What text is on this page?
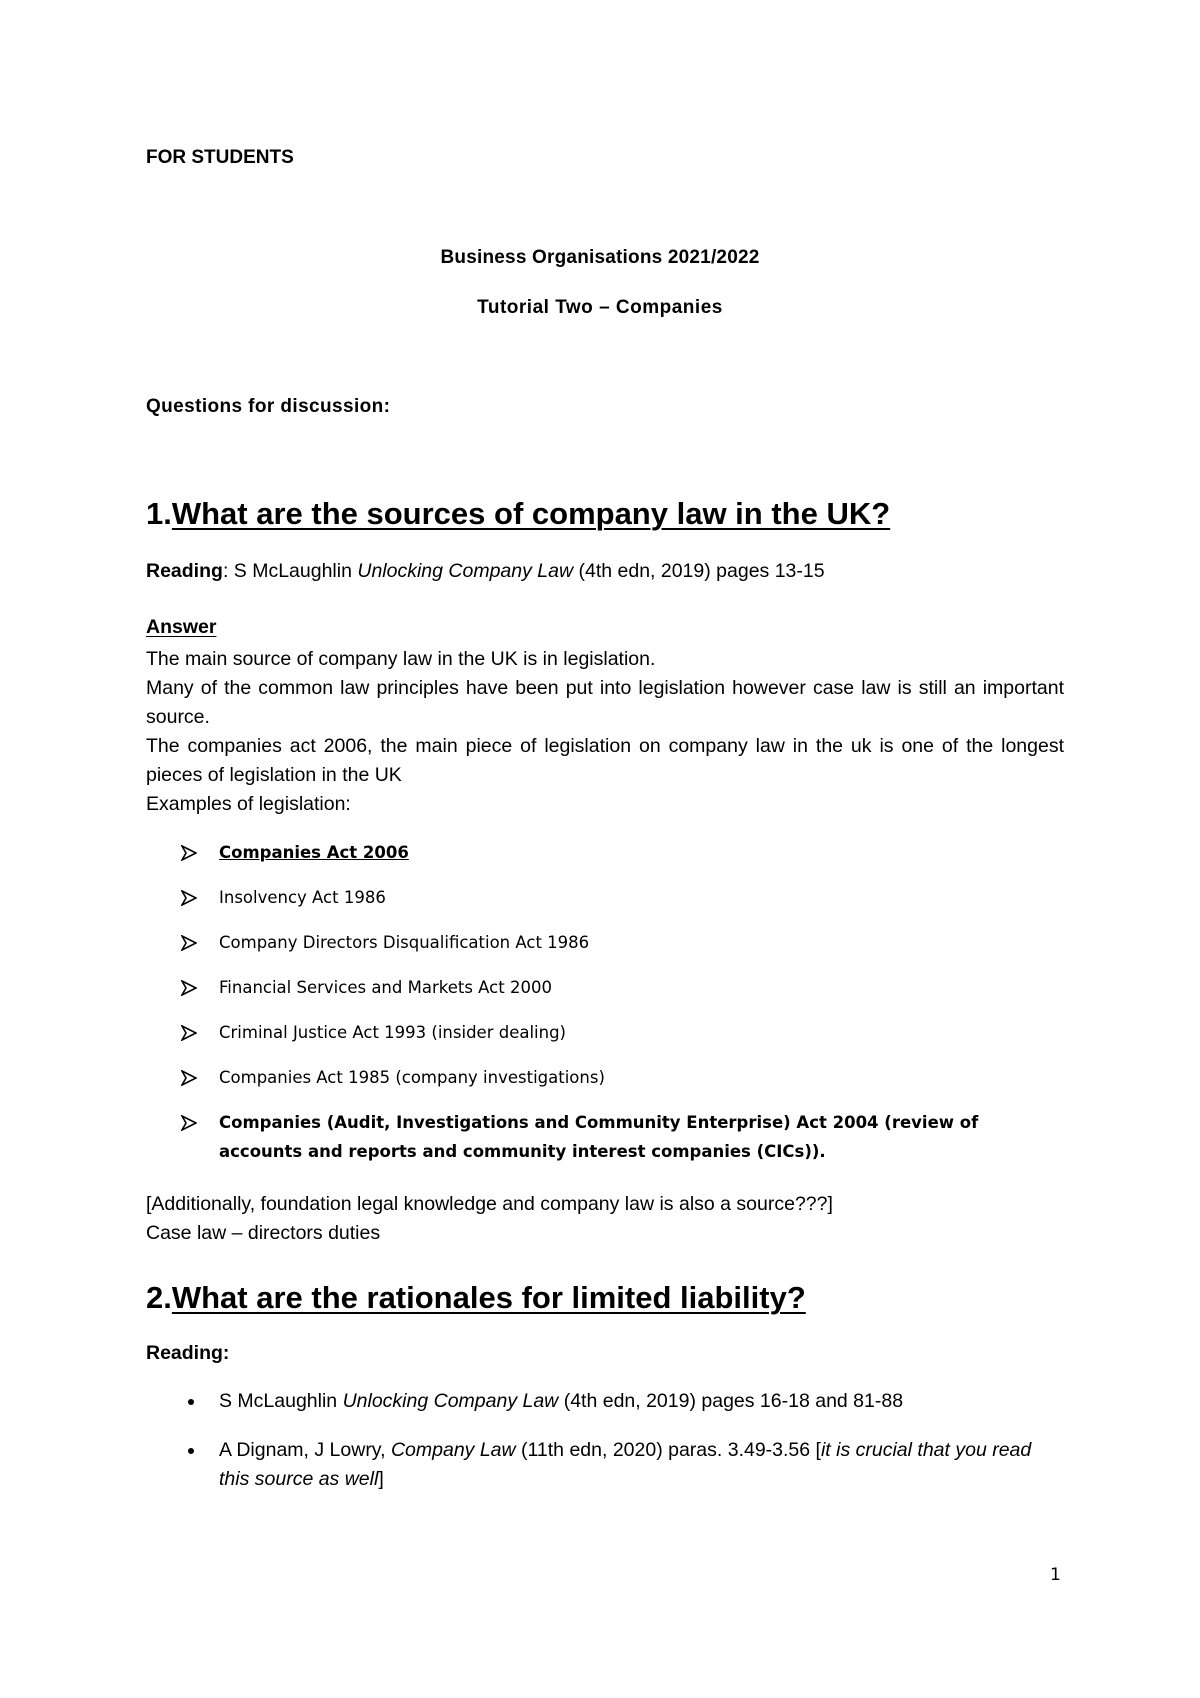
FOR STUDENTS
Business Organisations 2021/2022
Tutorial Two – Companies
Questions for discussion:
1.What are the sources of company law in the UK?
Reading: S McLaughlin Unlocking Company Law (4th edn, 2019) pages 13-15
Answer

The main source of company law in the UK is in legislation.

Many of the common law principles have been put into legislation however case law is still an important source.

The companies act 2006, the main piece of legislation on company law in the uk is one of the longest pieces of legislation in the UK

Examples of legislation:

Companies Act 2006
Insolvency Act 1986
Company Directors Disqualification Act 1986
Financial Services and Markets Act 2000
Criminal Justice Act 1993 (insider dealing)
Companies Act 1985 (company investigations)
Companies (Audit, Investigations and Community Enterprise) Act 2004 (review of accounts and reports and community interest companies (CICs)).

[Additionally, foundation legal knowledge and company law is also a source???]

Case law – directors duties

2.What are the rationales for limited liability?
Reading:
S McLaughlin Unlocking Company Law (4th edn, 2019) pages 16-18 and 81-88
A Dignam, J Lowry, Company Law (11th edn, 2020) paras. 3.49-3.56 [it is crucial that you read this source as well]
1
